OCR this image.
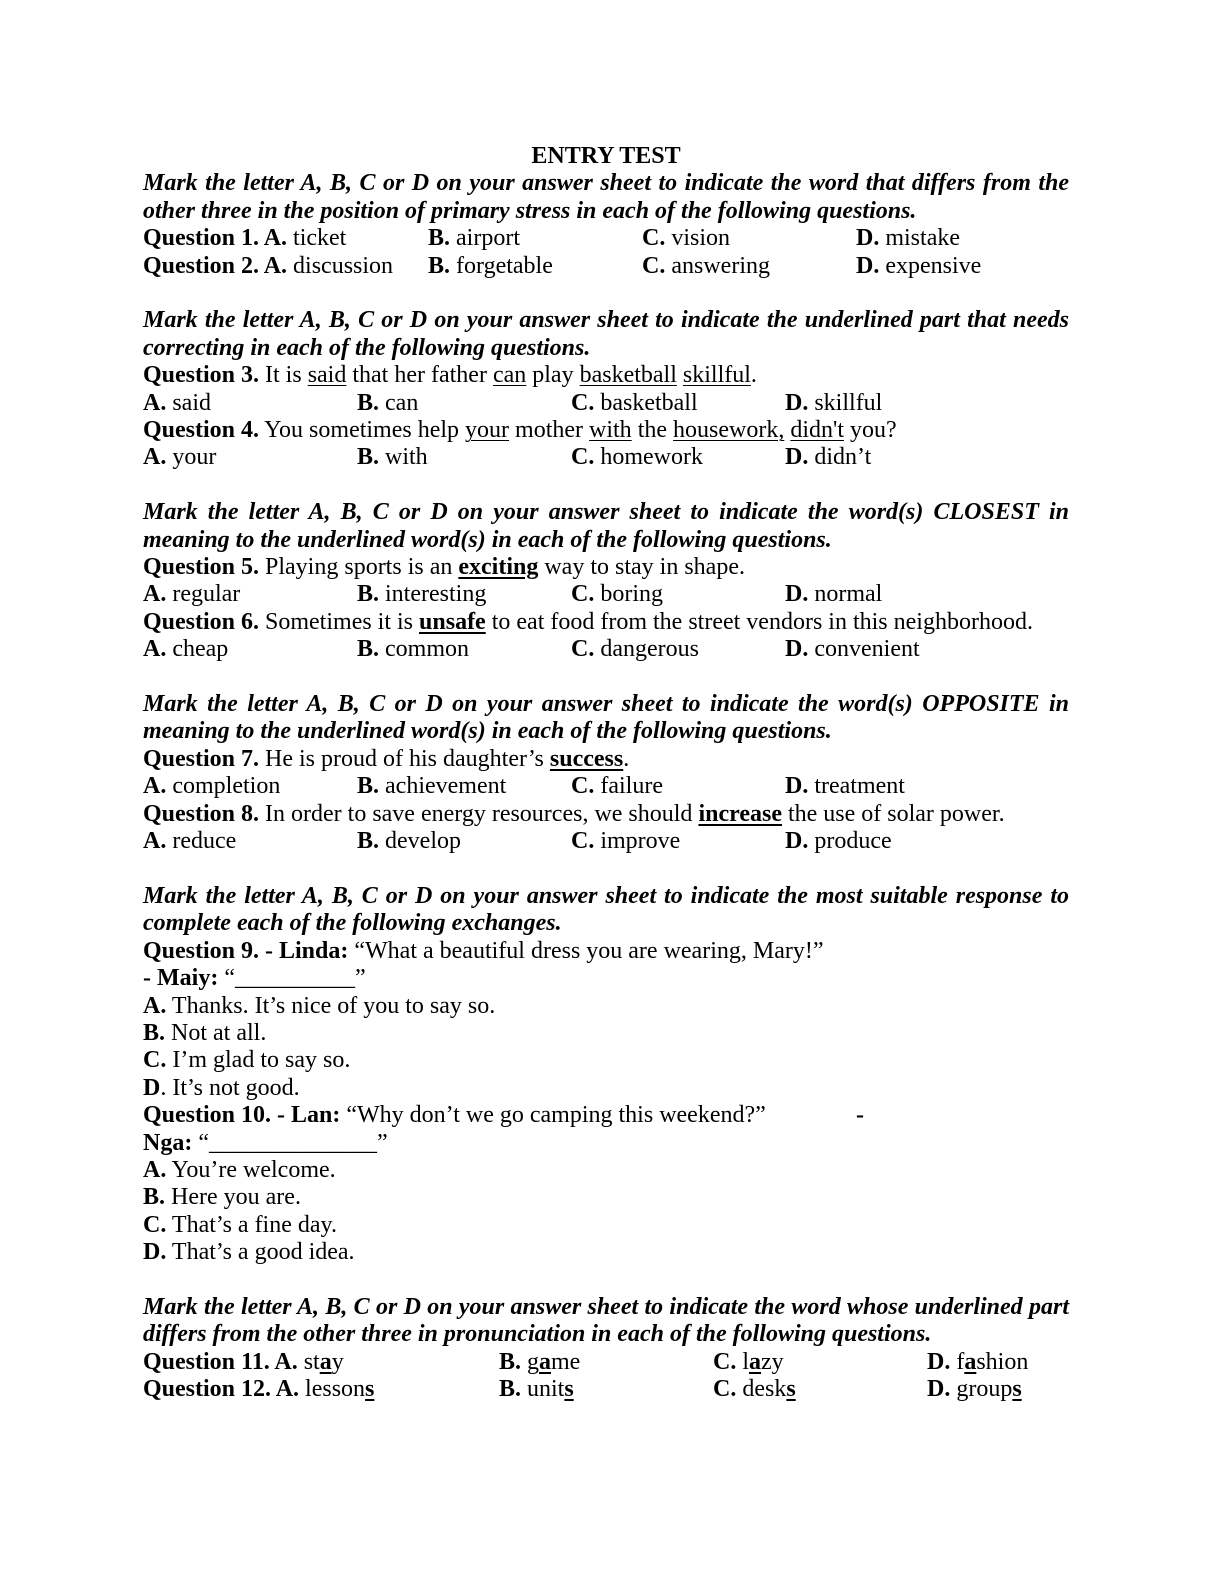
ENTRY TEST

Mark the letter A, B, C or D on your answer sheet to indicate the word that differs from the other three in the position of primary stress in each of the following questions.

Question 1. A. ticket	B. airport	C. vision	D. mistake
Question 2. A. discussion	B. forgetable	C. answering	D. expensive

Mark the letter A, B, C or D on your answer sheet to indicate the underlined part that needs correcting in each of the following questions.

Question 3. It is said that her father can play basketball skillful.

A. said	B. can	C. basketball	D. skillful

Question 4. You sometimes help your mother with the housework, didn't you?

A. your	B. with	C. homework	D. didn’t

Mark the letter A, B, C or D on your answer sheet to indicate the word(s) CLOSEST in meaning to the underlined word(s) in each of the following questions.

Question 5. Playing sports is an exciting way to stay in shape.

A. regular	B. interesting	C. boring	D. normal

Question 6. Sometimes it is unsafe to eat food from the street vendors in this neighborhood.

A. cheap	B. common	C. dangerous	D. convenient

Mark the letter A, B, C or D on your answer sheet to indicate the word(s) OPPOSITE in meaning to the underlined word(s) in each of the following questions.

Question 7. He is proud of his daughter’s success.

A. completion	B. achievement	C. failure	D. treatment

Question 8. In order to save energy resources, we should increase the use of solar power.

A. reduce	B. develop	C. improve	D. produce

Mark the letter A, B, C or D on your answer sheet to indicate the most suitable response to complete each of the following exchanges.

Question 9. - Linda: “What a beautiful dress you are wearing, Mary!”

- Maiy: “__________”

A. Thanks. It’s nice of you to say so.

B. Not at all.

C. I’m glad to say so.

D. It’s not good.

Question 10. - Lan: “Why don’t we go camping this weekend?”	-

Nga: “______________”

A. You’re welcome.

B. Here you are.

C. That’s a fine day.

D. That’s a good idea.

Mark the letter A, B, C or D on your answer sheet to indicate the word whose underlined part differs from the other three in pronunciation in each of the following questions.

Question 11. A. stay	B. game	C. lazy	D. fashion
Question 12. A. lessons	B. units	C. desks	D. groups
